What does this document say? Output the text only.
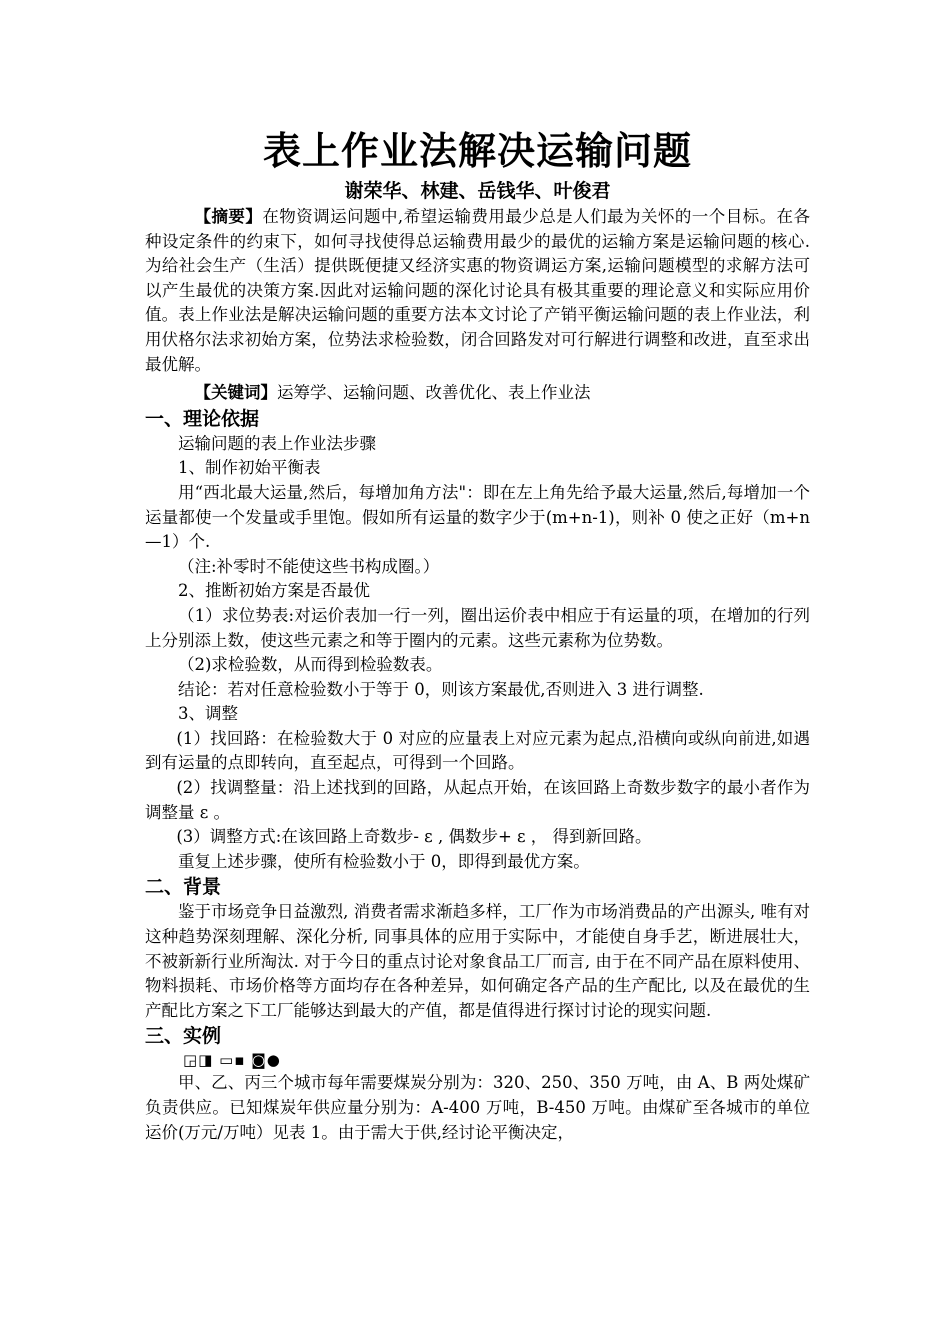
表上作业法解决运输问题
谢荣华、林建、岳钱华、叶俊君

【摘要】在物资调运问题中,希望运输费用最少总是人们最为关怀的一个目标。在各种设定条件的约束下，如何寻找使得总运输费用最少的最优的运输方案是运输问题的核心.为给社会生产（生活）提供既便捷又经济实惠的物资调运方案,运输问题模型的求解方法可以产生最优的决策方案.因此对运输问题的深化讨论具有极其重要的理论意义和实际应用价值。表上作业法是解决运输问题的重要方法本文讨论了产销平衡运输问题的表上作业法，利用伏格尔法求初始方案，位势法求检验数，闭合回路发对可行解进行调整和改进，直至求出最优解。

【关键词】运筹学、运输问题、改善优化、表上作业法

一、理论依据

运输问题的表上作业法步骤

1、制作初始平衡表

用“西北最大运量,然后，每增加角方法"：即在左上角先给予最大运量,然后,每增加一个运量都使一个发量或手里饱。假如所有运量的数字少于(m+n-1)，则补 0 使之正好（m+n—1）个.

（注:补零时不能使这些书构成圈。）

2、推断初始方案是否最优

（1）求位势表:对运价表加一行一列，圈出运价表中相应于有运量的项，在增加的行列上分别添上数，使这些元素之和等于圈内的元素。这些元素称为位势数。

（2)求检验数，从而得到检验数表。

结论：若对任意检验数小于等于 0，则该方案最优,否则进入 3 进行调整.

3、调整

(1）找回路：在检验数大于 0 对应的应量表上对应元素为起点,沿横向或纵向前进,如遇到有运量的点即转向，直至起点，可得到一个回路。

(2）找调整量：沿上述找到的回路，从起点开始，在该回路上奇数步数字的最小者作为调整量 ε 。

(3）调整方式:在该回路上奇数步- ε , 偶数步+ ε ， 得到新回路。

重复上述步骤，使所有检验数小于 0，即得到最优方案。

二、背景

鉴于市场竞争日益激烈, 消费者需求渐趋多样，工厂作为市场消费品的产出源头, 唯有对这种趋势深刻理解、深化分析, 同事具体的应用于实际中，才能使自身手艺，断进展壮大，不被新新行业所淘汰. 对于今日的重点讨论对象食品工厂而言, 由于在不同产品在原料使用、物料损耗、市场价格等方面均存在各种差异，如何确定各产品的生产配比, 以及在最优的生产配比方案之下工厂能够达到最大的产值，都是值得进行探讨讨论的现实问题.

三、实例
◲◨ ▭▪ ◙●

甲、乙、丙三个城市每年需要煤炭分别为：320、250、350 万吨，由 A、B 两处煤矿负责供应。已知煤炭年供应量分别为：A-400 万吨，B-450 万吨。由煤矿至各城市的单位运价(万元/万吨）见表 1。由于需大于供,经讨论平衡决定，
